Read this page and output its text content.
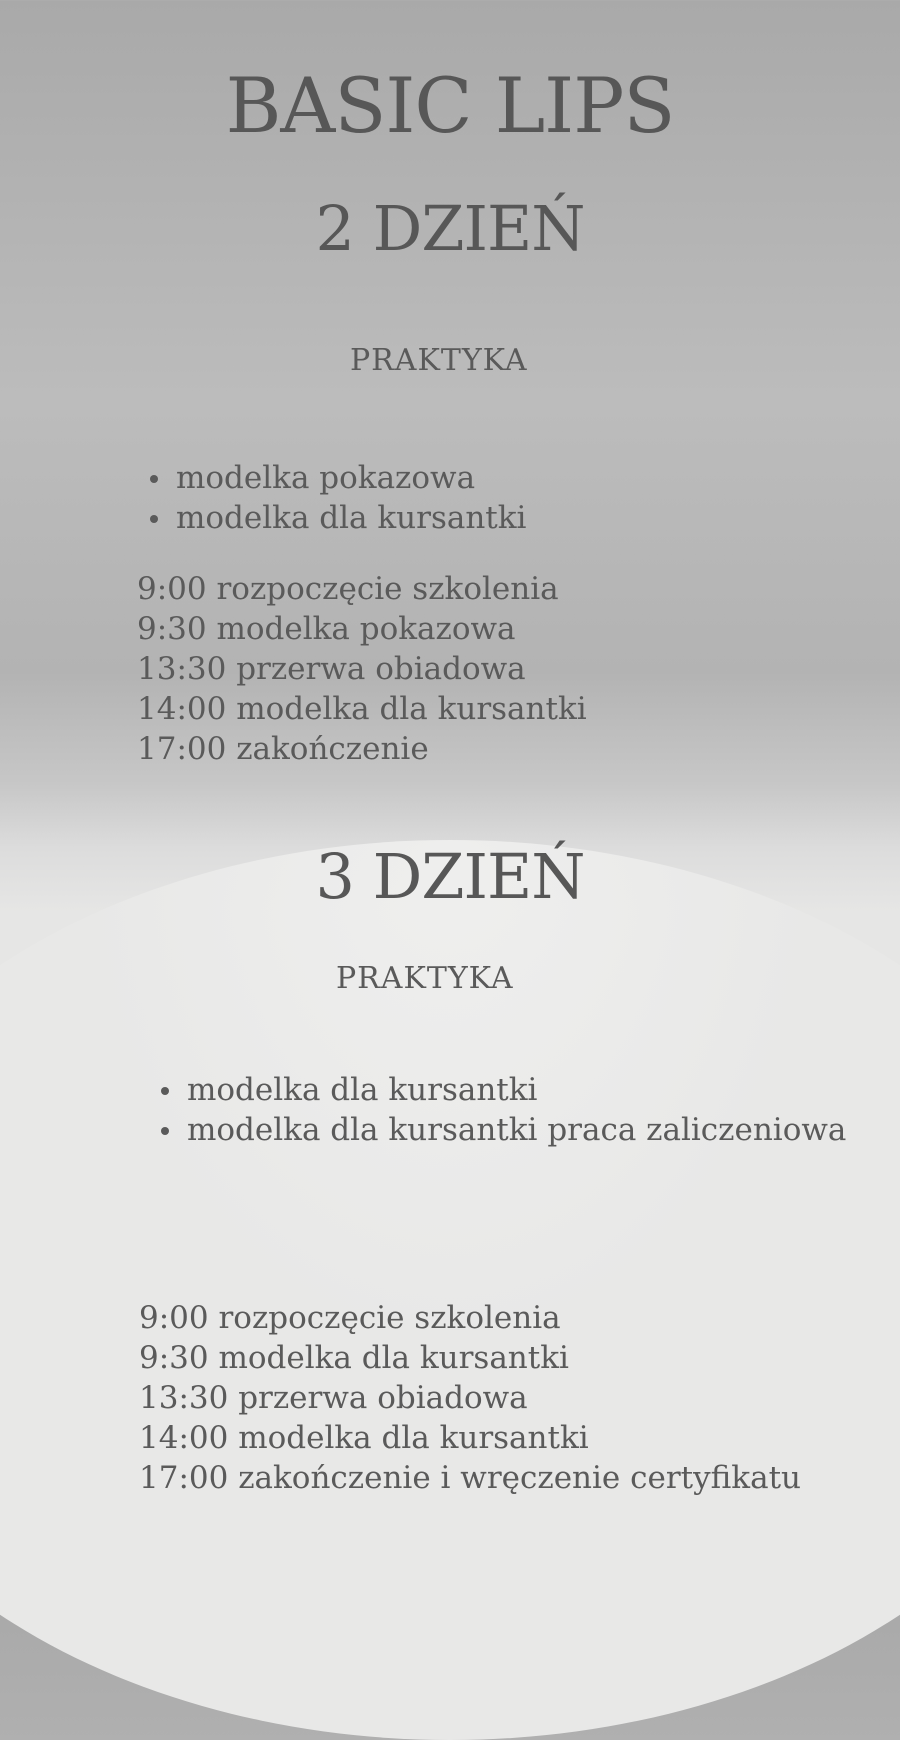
BASIC LIPS
2 DZIEŃ
PRAKTYKA
modelka pokazowa
modelka dla kursantki
9:00 rozpoczęcie szkolenia
9:30 modelka pokazowa
13:30 przerwa obiadowa
14:00 modelka dla kursantki
17:00 zakończenie
3 DZIEŃ
PRAKTYKA
modelka dla kursantki
modelka dla kursantki praca zaliczeniowa
9:00 rozpoczęcie szkolenia
9:30 modelka dla kursantki
13:30 przerwa obiadowa
14:00 modelka dla kursantki
17:00 zakończenie i wręczenie certyfikatu
